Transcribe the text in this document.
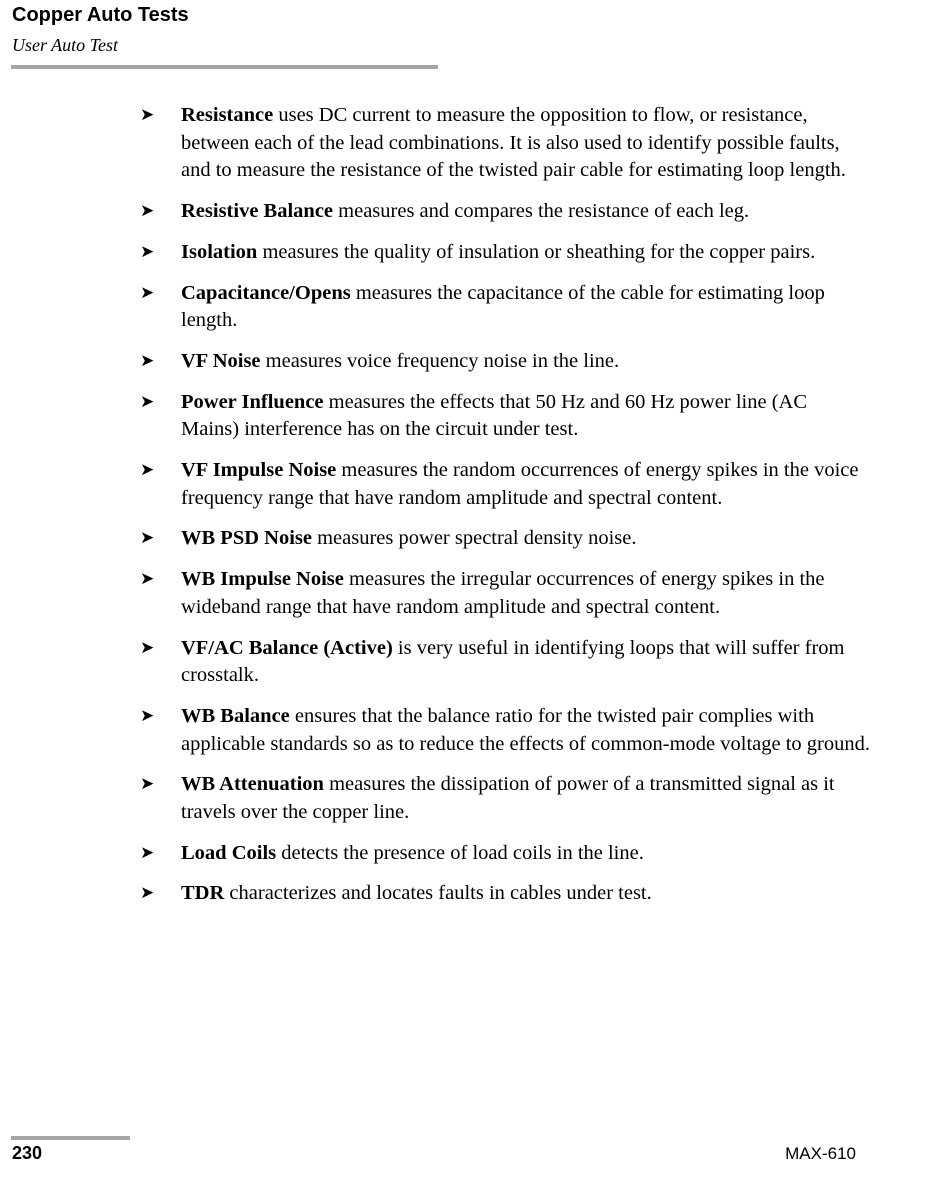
Copper Auto Tests
User Auto Test
➤	Resistance uses DC current to measure the opposition to flow, or resistance, between each of the lead combinations. It is also used to identify possible faults, and to measure the resistance of the twisted pair cable for estimating loop length.
➤	Resistive Balance measures and compares the resistance of each leg.
➤	Isolation measures the quality of insulation or sheathing for the copper pairs.
➤	Capacitance/Opens measures the capacitance of the cable for estimating loop length.
➤	VF Noise measures voice frequency noise in the line.
➤	Power Influence measures the effects that 50 Hz and 60 Hz power line (AC Mains) interference has on the circuit under test.
➤	VF Impulse Noise measures the random occurrences of energy spikes in the voice frequency range that have random amplitude and spectral content.
➤	WB PSD Noise measures power spectral density noise.
➤	WB Impulse Noise measures the irregular occurrences of energy spikes in the wideband range that have random amplitude and spectral content.
➤	VF/AC Balance (Active) is very useful in identifying loops that will suffer from crosstalk.
➤	WB Balance ensures that the balance ratio for the twisted pair complies with applicable standards so as to reduce the effects of common-mode voltage to ground.
➤	WB Attenuation measures the dissipation of power of a transmitted signal as it travels over the copper line.
➤	Load Coils detects the presence of load coils in the line.
➤	TDR characterizes and locates faults in cables under test.
230	MAX-610
